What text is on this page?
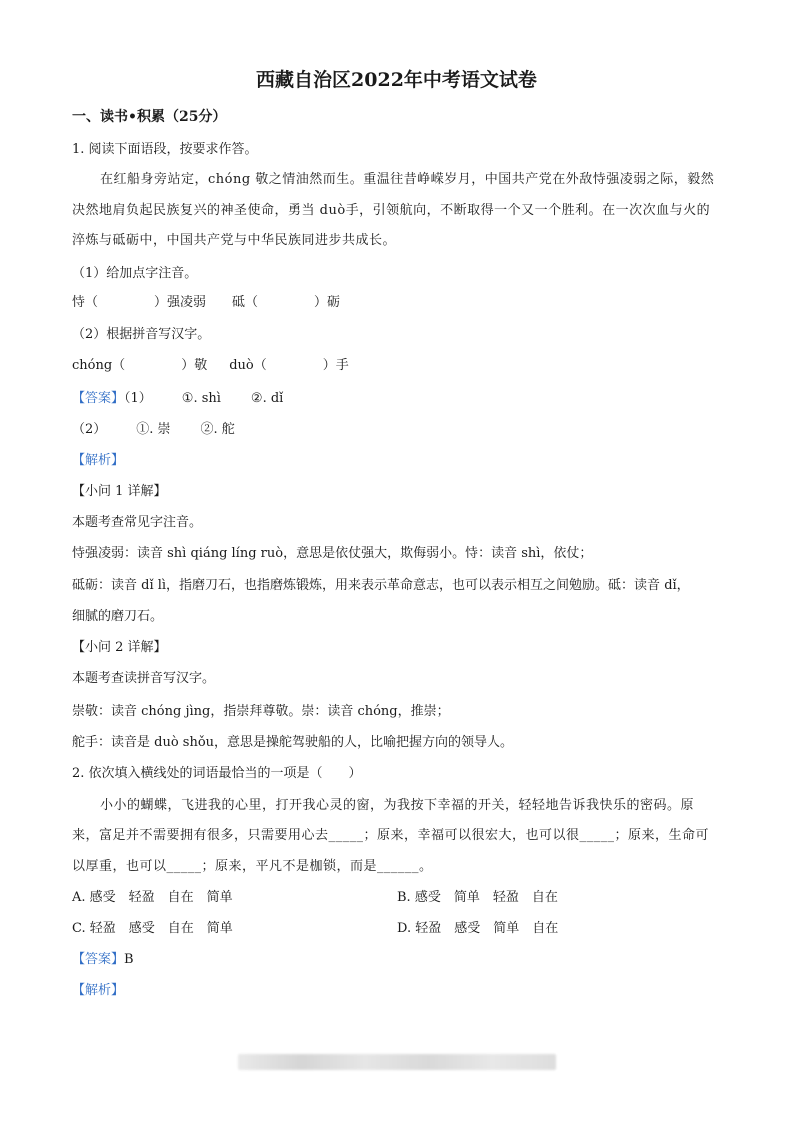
西藏自治区2022年中考语文试卷
一、读书•积累（25分）
1. 阅读下面语段，按要求作答。
在红船身旁站定，chóng 敬之情油然而生。重温往昔峥嵘岁月，中国共产党在外敌恃强凌弱之际，毅然
决然地肩负起民族复兴的神圣使命，勇当 duò手，引领航向，不断取得一个又一个胜利。在一次次血与火的
淬炼与砥砺中，中国共产党与中华民族同进步共成长。
（1）给加点字注音。
恃（	）强凌弱 砥（	）砺
（2）根据拼音写汉字。
chóng（	）敬 duò（	）手
【答案】（1） ①. shì ②. dǐ
（2） ①. 崇 ②. 舵
【解析】
【小问 1 详解】
本题考查常见字注音。
恃强凌弱：读音 shì qiáng líng ruò，意思是依仗强大，欺侮弱小。恃：读音 shì，依仗；
砥砺：读音 dǐ lì，指磨刀石，也指磨炼锻炼，用来表示革命意志，也可以表示相互之间勉励。砥：读音 dǐ，
细腻的磨刀石。
【小问 2 详解】
本题考查读拼音写汉字。
崇敬：读音 chóng jìng，指崇拜尊敬。崇：读音 chóng，推崇；
舵手：读音是 duò shǒu，意思是操舵驾驶船的人，比喻把握方向的领导人。
2. 依次填入横线处的词语最恰当的一项是（　　）
小小的蝴蝶，飞进我的心里，打开我心灵的窗，为我按下幸福的开关，轻轻地告诉我快乐的密码。原
来，富足并不需要拥有很多，只需要用心去_____；原来，幸福可以很宏大，也可以很_____；原来，生命可
以厚重，也可以_____；原来，平凡不是枷锁，而是______。
A. 感受　轻盈　自在　简单	B. 感受　简单　轻盈　自在
C. 轻盈　感受　自在　简单	D. 轻盈　感受　简单　自在
【答案】B
【解析】
